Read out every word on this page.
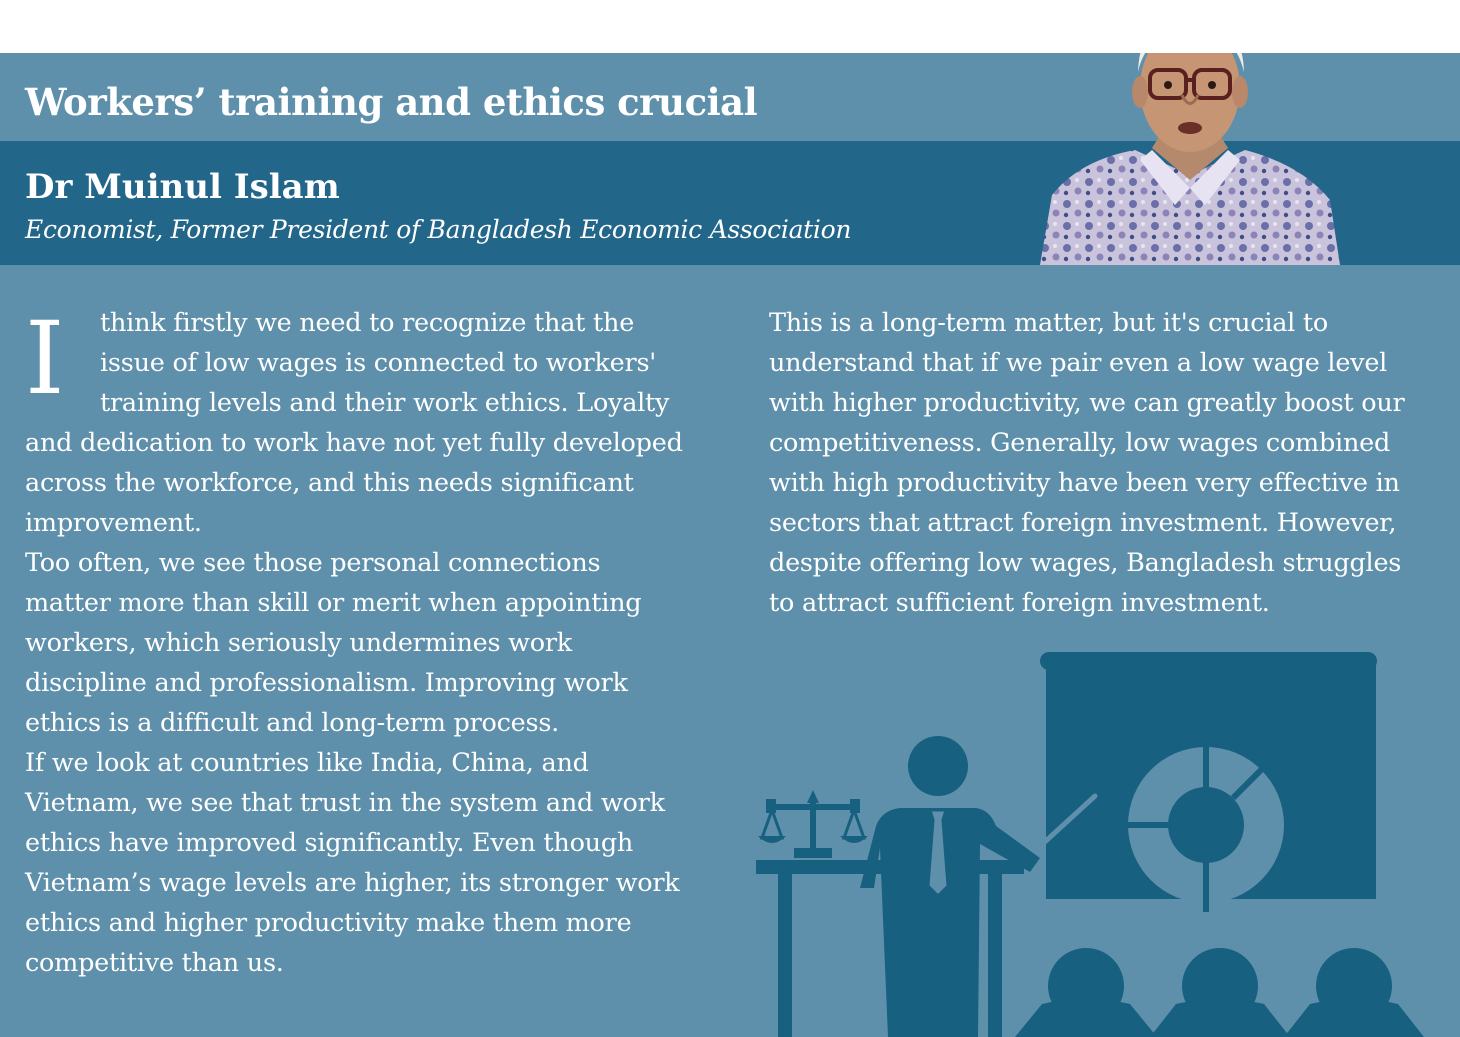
Workers’ training and ethics crucial
Dr Muinul Islam
Economist, Former President of Bangladesh Economic Association
I	think firstly we need to recognize that the

issue of low wages is connected to workers'

training levels and their work ethics. Loyalty

and dedication to work have not yet fully developed

across the workforce, and this needs significant

improvement.

Too often, we see those personal connections

matter more than skill or merit when appointing

workers, which seriously undermines work

discipline and professionalism. Improving work

ethics is a difficult and long-term process.

If we look at countries like India, China, and

Vietnam, we see that trust in the system and work

ethics have improved significantly. Even though

Vietnam’s wage levels are higher, its stronger work

ethics and higher productivity make them more

competitive than us.

This is a long-term matter, but it's crucial to

understand that if we pair even a low wage level

with higher productivity, we can greatly boost our

competitiveness. Generally, low wages combined

with high productivity have been very effective in

sectors that attract foreign investment. However,

despite offering low wages, Bangladesh struggles

to attract sufficient foreign investment.
